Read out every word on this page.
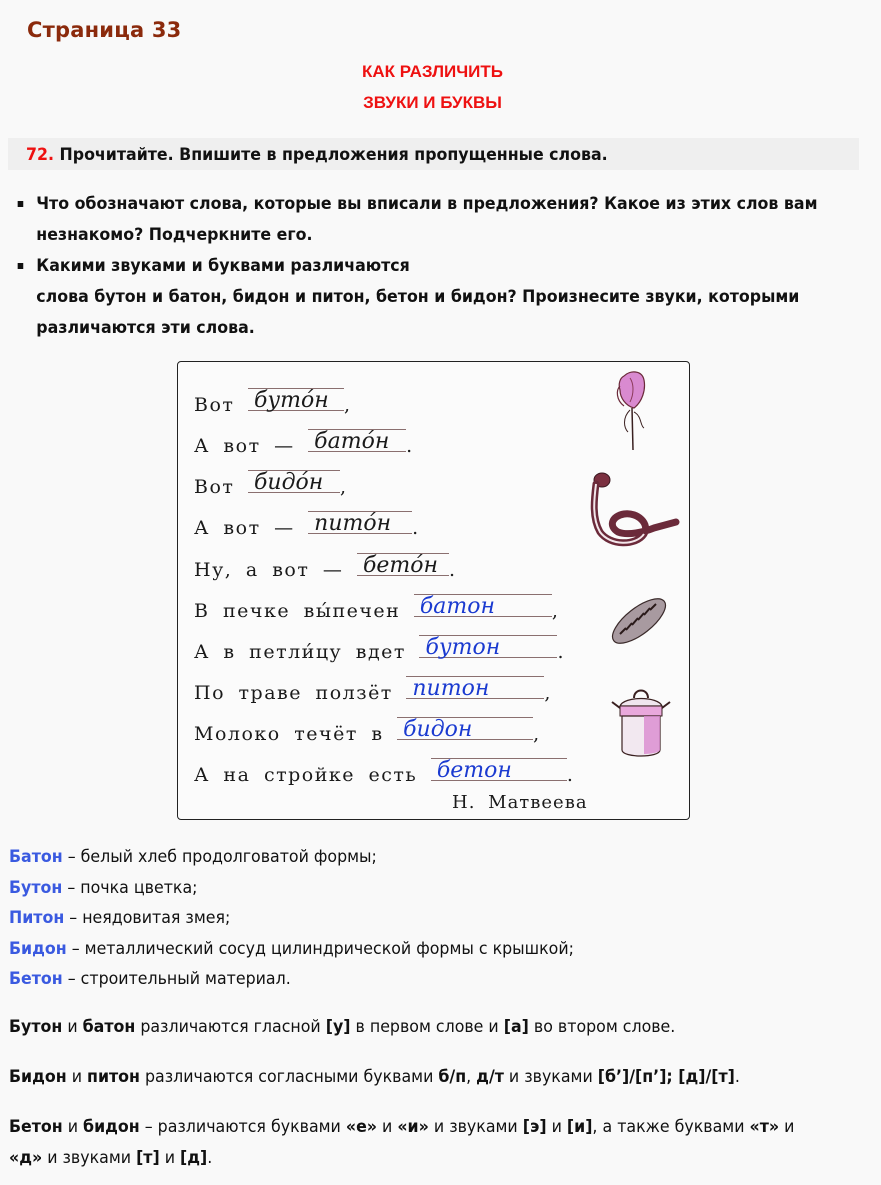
Страница 33
КАК РАЗЛИЧИТЬ
ЗВУКИ И БУКВЫ
72. Прочитайте. Впишите в предложения пропущенные слова.
Что обозначают слова, которые вы вписали в предложения? Какое из этих слов вам
незнакомо? Подчеркните его.
Какими звуками и буквами различаются
слова бутон и батон, бидон и питон, бетон и бидон? Произнесите звуки, которыми
различаются эти слова.
Вот бутóн ,
А вот — батóн .
Вот бидóн ,
А вот — питóн .
Ну, а вот — бетóн .
В печке вы́печен батон	,
А в петли́цу вдет бутон	.
По траве ползёт питон	,
Молоко течёт в бидон	,
А на стройке есть бетон	.
Н. Матвеева
Батон – белый хлеб продолговатой формы;
Бутон – почка цветка;
Питон – неядовитая змея;
Бидон – металлический сосуд цилиндрической формы с крышкой;
Бетон – строительный материал.
Бутон и батон различаются гласной [у] в первом слове и [а] во втором слове.
Бидон и питон различаются согласными буквами б/п, д/т и звуками [б’]/[п’]; [д]/[т].
Бетон и бидон – различаются буквами «е» и «и» и звуками [э] и [и], а также буквами «т» и
«д» и звуками [т] и [д].
